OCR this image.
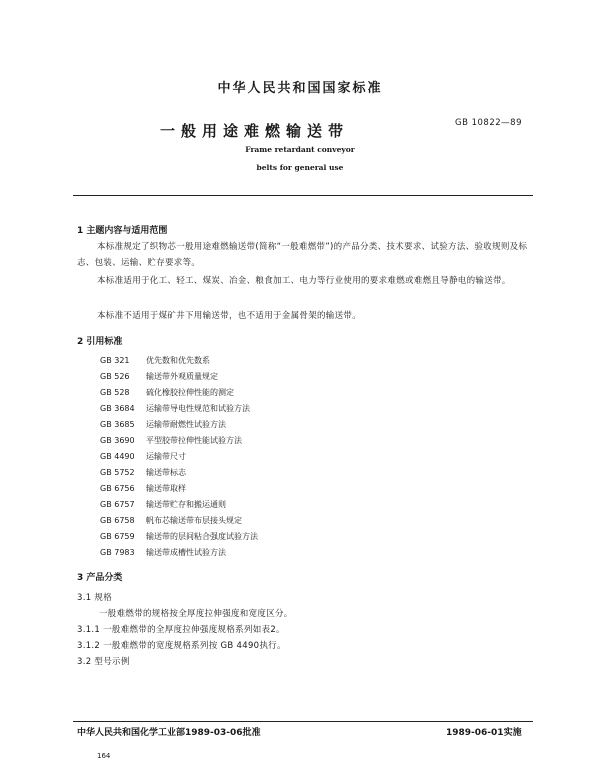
中华人民共和国国家标准
一般用途难燃输送带	GB 10822—89
Frame retardant conveyor
belts for general use
1 主题内容与适用范围
本标准规定了织物芯一般用途难燃输送带(简称“一般难燃带”)的产品分类、技术要求、试验方法、验收规则及标志、包装、运输、贮存要求等。
本标准适用于化工、轻工、煤炭、冶金、粮食加工、电力等行业使用的要求难燃或难燃且导静电的输送带。
本标准不适用于煤矿井下用输送带，也不适用于金属骨架的输送带。
2 引用标准
GB 321 优先数和优先数系
GB 526 输送带外观质量规定
GB 528 硫化橡胶拉伸性能的测定
GB 3684 运输带导电性规范和试验方法
GB 3685 运输带耐燃性试验方法
GB 3690 平型胶带拉伸性能试验方法
GB 4490 运输带尺寸
GB 5752 输送带标志
GB 6756 输送带取样
GB 6757 输送带贮存和搬运通则
GB 6758 帆布芯输送带布层接头规定
GB 6759 输送带的层间粘合强度试验方法
GB 7983 输送带成槽性试验方法
3 产品分类
3.1 规格
一般难燃带的规格按全厚度拉伸强度和宽度区分。
3.1.1 一般难燃带的全厚度拉伸强度规格系列如表2。
3.1.2 一般难燃带的宽度规格系列按 GB 4490执行。
3.2 型号示例
中华人民共和国化学工业部1989-03-06批准	1989-06-01实施
164
